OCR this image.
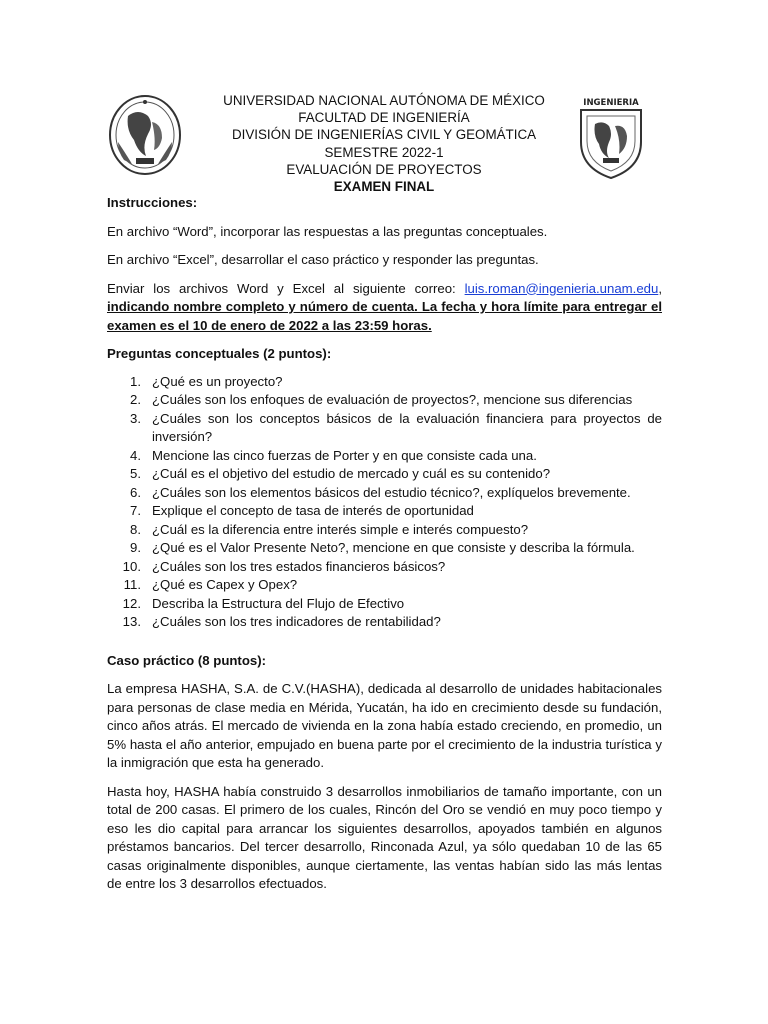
INGENIERIA
UNIVERSIDAD NACIONAL AUTÓNOMA DE MÉXICO
FACULTAD DE INGENIERÍA
DIVISIÓN DE INGENIERÍAS CIVIL Y GEOMÁTICA
SEMESTRE 2022-1
EVALUACIÓN DE PROYECTOS
EXAMEN FINAL

Instrucciones:

En archivo “Word”, incorporar las respuestas a las preguntas conceptuales.

En archivo “Excel”, desarrollar el caso práctico y responder las preguntas.

Enviar los archivos Word y Excel al siguiente correo: luis.roman@ingenieria.unam.edu, indicando nombre completo y número de cuenta. La fecha y hora límite para entregar el examen es el 10 de enero de 2022 a las 23:59 horas.

Preguntas conceptuales (2 puntos):

1. ¿Qué es un proyecto?
2. ¿Cuáles son los enfoques de evaluación de proyectos?, mencione sus diferencias
3. ¿Cuáles son los conceptos básicos de la evaluación financiera para proyectos de inversión?
4. Mencione las cinco fuerzas de Porter y en que consiste cada una.
5. ¿Cuál es el objetivo del estudio de mercado y cuál es su contenido?
6. ¿Cuáles son los elementos básicos del estudio técnico?, explíquelos brevemente.
7. Explique el concepto de tasa de interés de oportunidad
8. ¿Cuál es la diferencia entre interés simple e interés compuesto?
9. ¿Qué es el Valor Presente Neto?, mencione en que consiste y describa la fórmula.
10. ¿Cuáles son los tres estados financieros básicos?
11. ¿Qué es Capex y Opex?
12. Describa la Estructura del Flujo de Efectivo
13. ¿Cuáles son los tres indicadores de rentabilidad?

Caso práctico (8 puntos):

La empresa HASHA, S.A. de C.V.(HASHA), dedicada al desarrollo de unidades habitacionales para personas de clase media en Mérida, Yucatán, ha ido en crecimiento desde su fundación, cinco años atrás. El mercado de vivienda en la zona había estado creciendo, en promedio, un 5% hasta el año anterior, empujado en buena parte por el crecimiento de la industria turística y la inmigración que esta ha generado.

Hasta hoy, HASHA había construido 3 desarrollos inmobiliarios de tamaño importante, con un total de 200 casas. El primero de los cuales, Rincón del Oro se vendió en muy poco tiempo y eso les dio capital para arrancar los siguientes desarrollos, apoyados también en algunos préstamos bancarios. Del tercer desarrollo, Rinconada Azul, ya sólo quedaban 10 de las 65 casas originalmente disponibles, aunque ciertamente, las ventas habían sido las más lentas de entre los 3 desarrollos efectuados.
